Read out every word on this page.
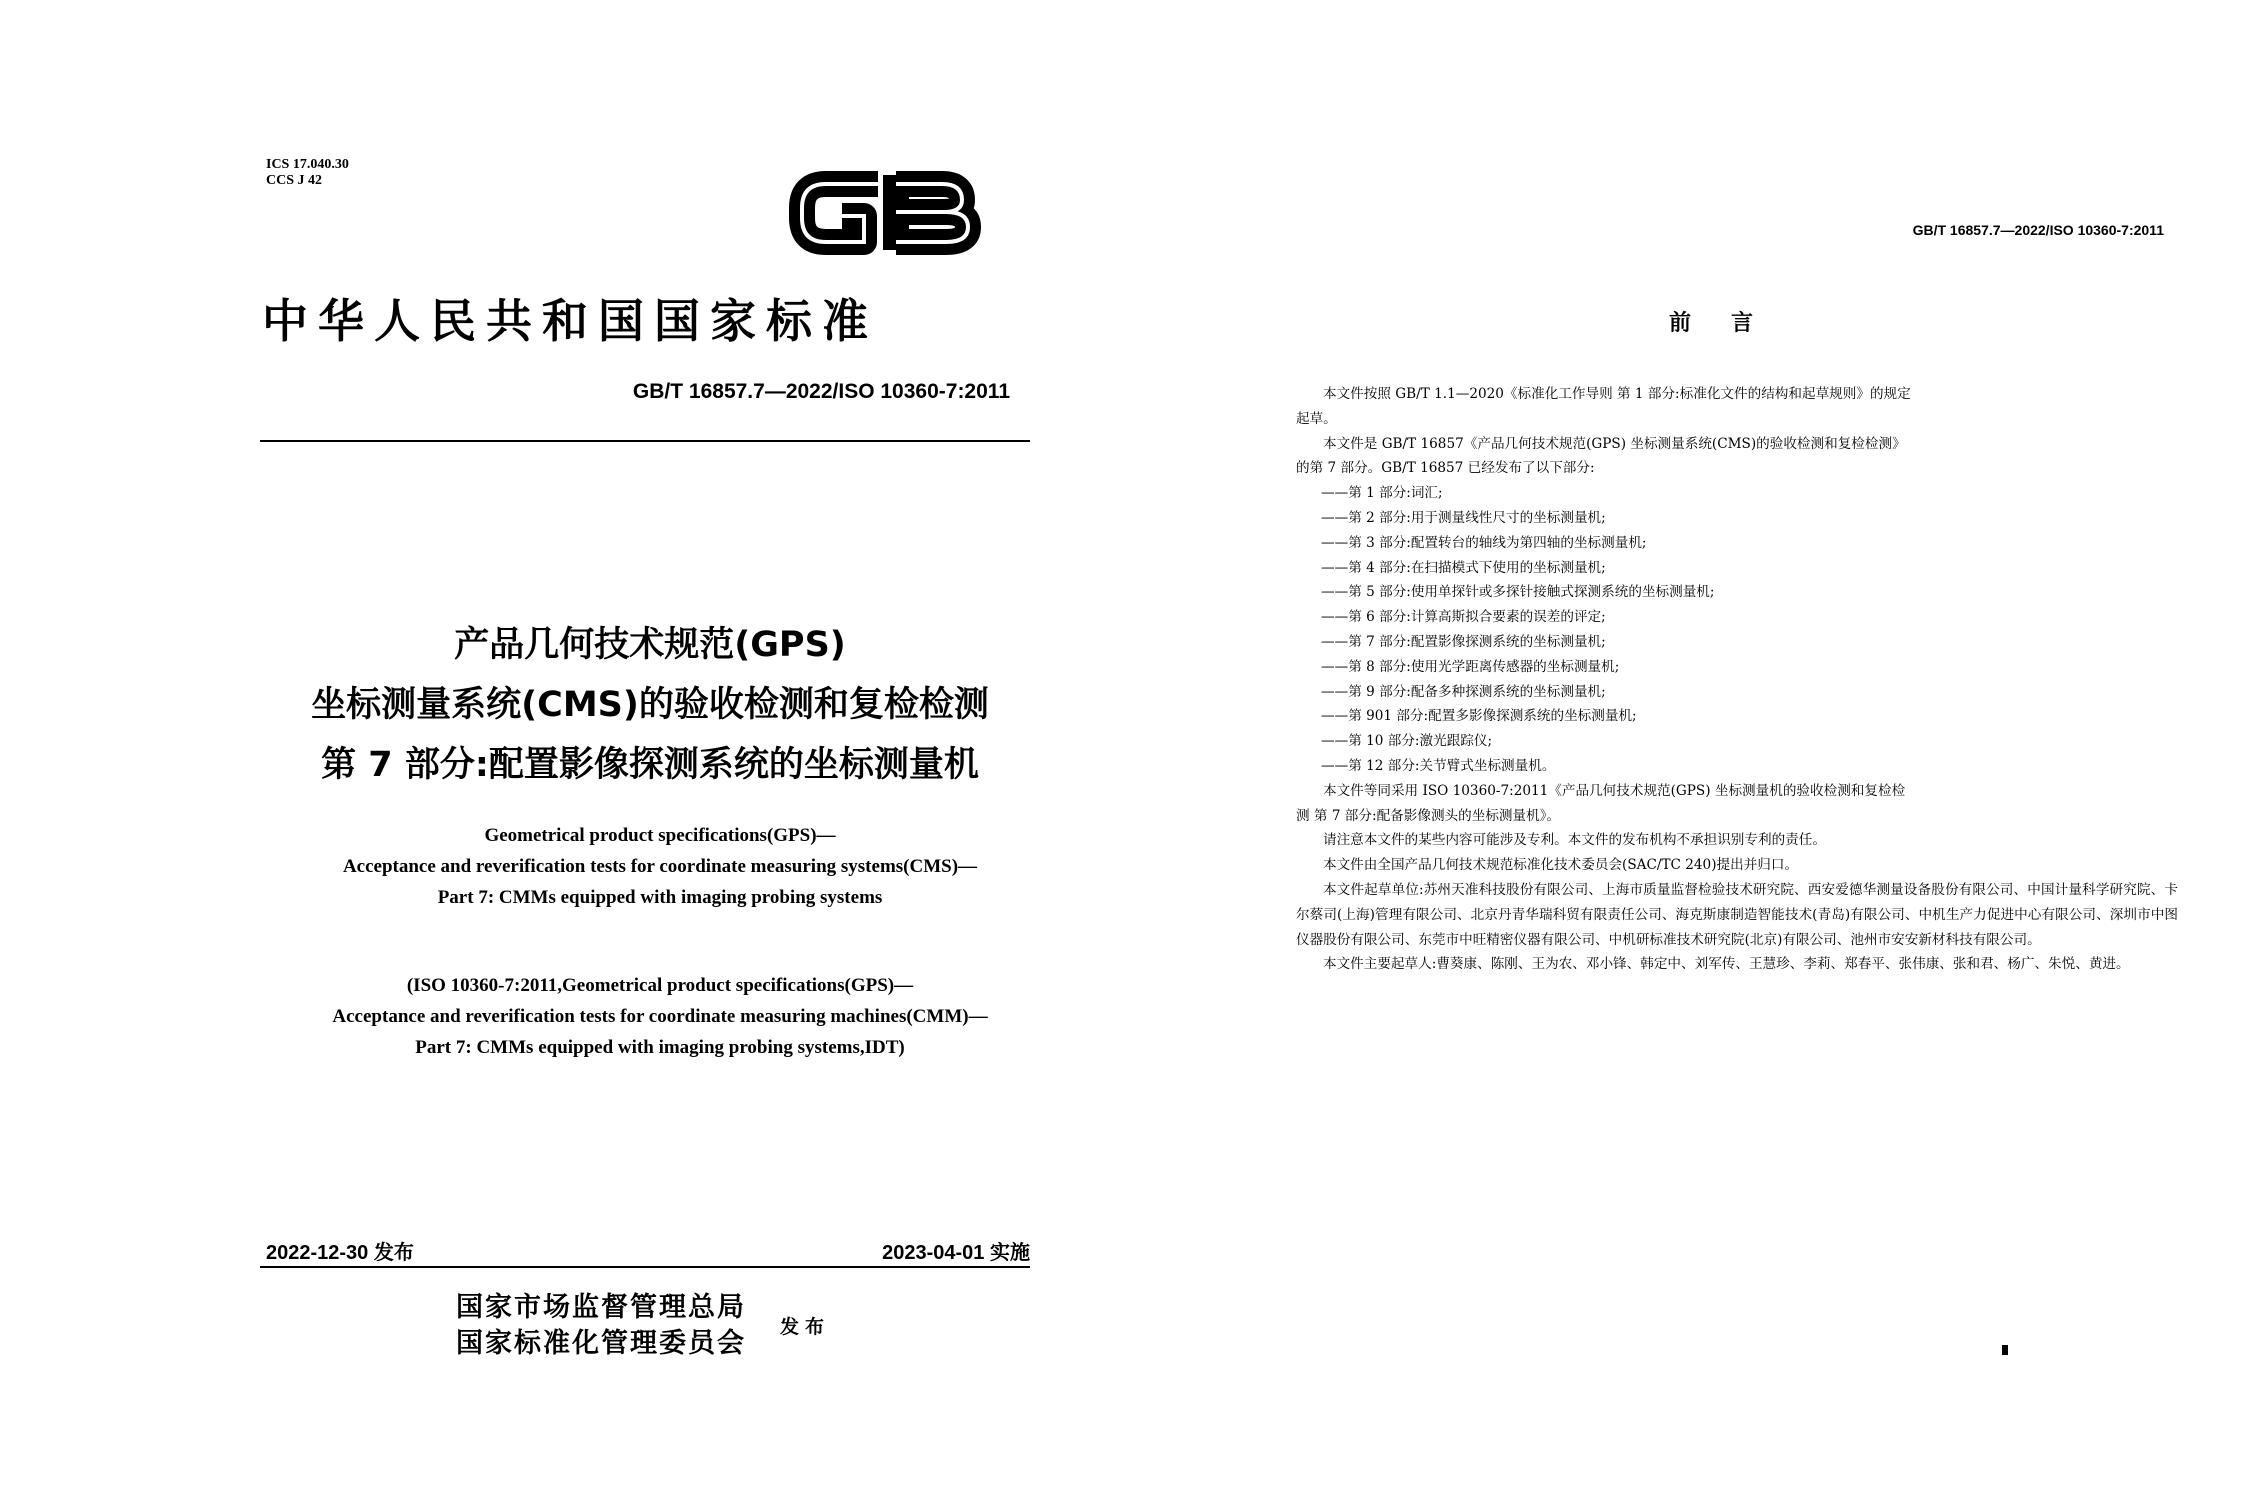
ICS 17.040.30
CCS J 42
中华人民共和国国家标准
GB/T 16857.7—2022/ISO 10360-7:2011
产品几何技术规范(GPS)
坐标测量系统(CMS)的验收检测和复检检测
第 7 部分:配置影像探测系统的坐标测量机
Geometrical product specifications(GPS)—
Acceptance and reverification tests for coordinate measuring systems(CMS)—
Part 7: CMMs equipped with imaging probing systems
(ISO 10360-7:2011,Geometrical product specifications(GPS)—
Acceptance and reverification tests for coordinate measuring machines(CMM)—
Part 7: CMMs equipped with imaging probing systems,IDT)
2022-12-30 发布	2023-04-01 实施
国家市场监督管理总局
国家标准化管理委员会
发布
GB/T 16857.7—2022/ISO 10360-7:2011
前言

本文件按照 GB/T 1.1—2020《标准化工作导则 第 1 部分:标准化文件的结构和起草规则》的规定

起草。

本文件是 GB/T 16857《产品几何技术规范(GPS) 坐标测量系统(CMS)的验收检测和复检检测》

的第 7 部分。GB/T 16857 已经发布了以下部分:

——第 1 部分:词汇;

——第 2 部分:用于测量线性尺寸的坐标测量机;

——第 3 部分:配置转台的轴线为第四轴的坐标测量机;

——第 4 部分:在扫描模式下使用的坐标测量机;

——第 5 部分:使用单探针或多探针接触式探测系统的坐标测量机;

——第 6 部分:计算高斯拟合要素的误差的评定;

——第 7 部分:配置影像探测系统的坐标测量机;

——第 8 部分:使用光学距离传感器的坐标测量机;

——第 9 部分:配备多种探测系统的坐标测量机;

——第 901 部分:配置多影像探测系统的坐标测量机;

——第 10 部分:激光跟踪仪;

——第 12 部分:关节臂式坐标测量机。

本文件等同采用 ISO 10360-7:2011《产品几何技术规范(GPS) 坐标测量机的验收检测和复检检

测 第 7 部分:配备影像测头的坐标测量机》。

请注意本文件的某些内容可能涉及专利。本文件的发布机构不承担识别专利的责任。

本文件由全国产品几何技术规范标准化技术委员会(SAC/TC 240)提出并归口。

本文件起草单位:苏州天准科技股份有限公司、上海市质量监督检验技术研究院、西安爱德华测量设备股份有限公司、中国计量科学研究院、卡尔蔡司(上海)管理有限公司、北京丹青华瑞科贸有限责任公司、海克斯康制造智能技术(青岛)有限公司、中机生产力促进中心有限公司、深圳市中图仪器股份有限公司、东莞市中旺精密仪器有限公司、中机研标准技术研究院(北京)有限公司、池州市安安新材科技有限公司。

本文件主要起草人:曹葵康、陈刚、王为农、邓小锋、韩定中、刘军传、王慧珍、李莉、郑春平、张伟康、张和君、杨广、朱悦、黄进。
